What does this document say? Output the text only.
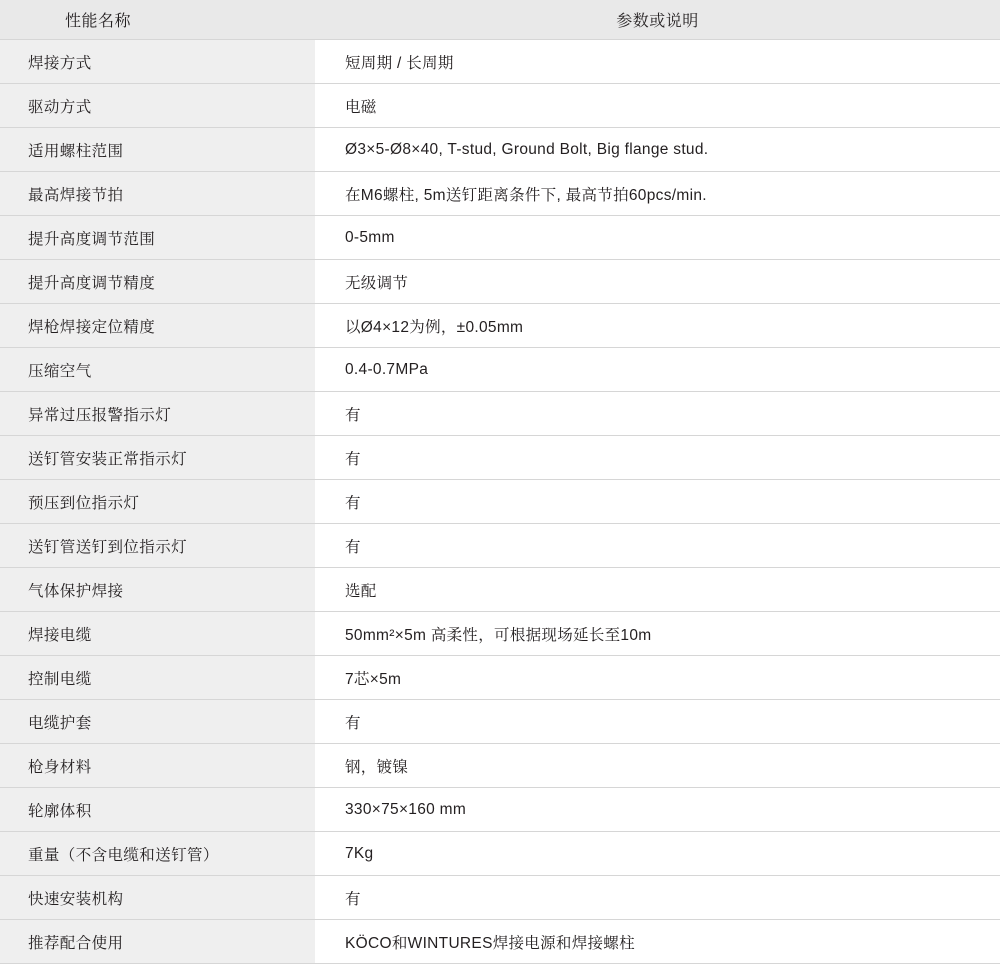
性能名称	参数或说明
焊接方式	短周期 / 长周期
驱动方式	电磁
适用螺柱范围	Ø3×5-Ø8×40, T-stud, Ground Bolt, Big flange stud.
最高焊接节拍	在M6螺柱, 5m送钉距离条件下, 最高节拍60pcs/min.
提升高度调节范围	0-5mm
提升高度调节精度	无级调节
焊枪焊接定位精度	以Ø4×12为例，±0.05mm
压缩空气	0.4-0.7MPa
异常过压报警指示灯	有
送钉管安装正常指示灯	有
预压到位指示灯	有
送钉管送钉到位指示灯	有
气体保护焊接	选配
焊接电缆	50mm²×5m 高柔性，可根据现场延长至10m
控制电缆	7芯×5m
电缆护套	有
枪身材料	钢，镀镍
轮廓体积	330×75×160 mm
重量（不含电缆和送钉管）	7Kg
快速安装机构	有
推荐配合使用	KÖCO和WINTURES焊接电源和焊接螺柱
